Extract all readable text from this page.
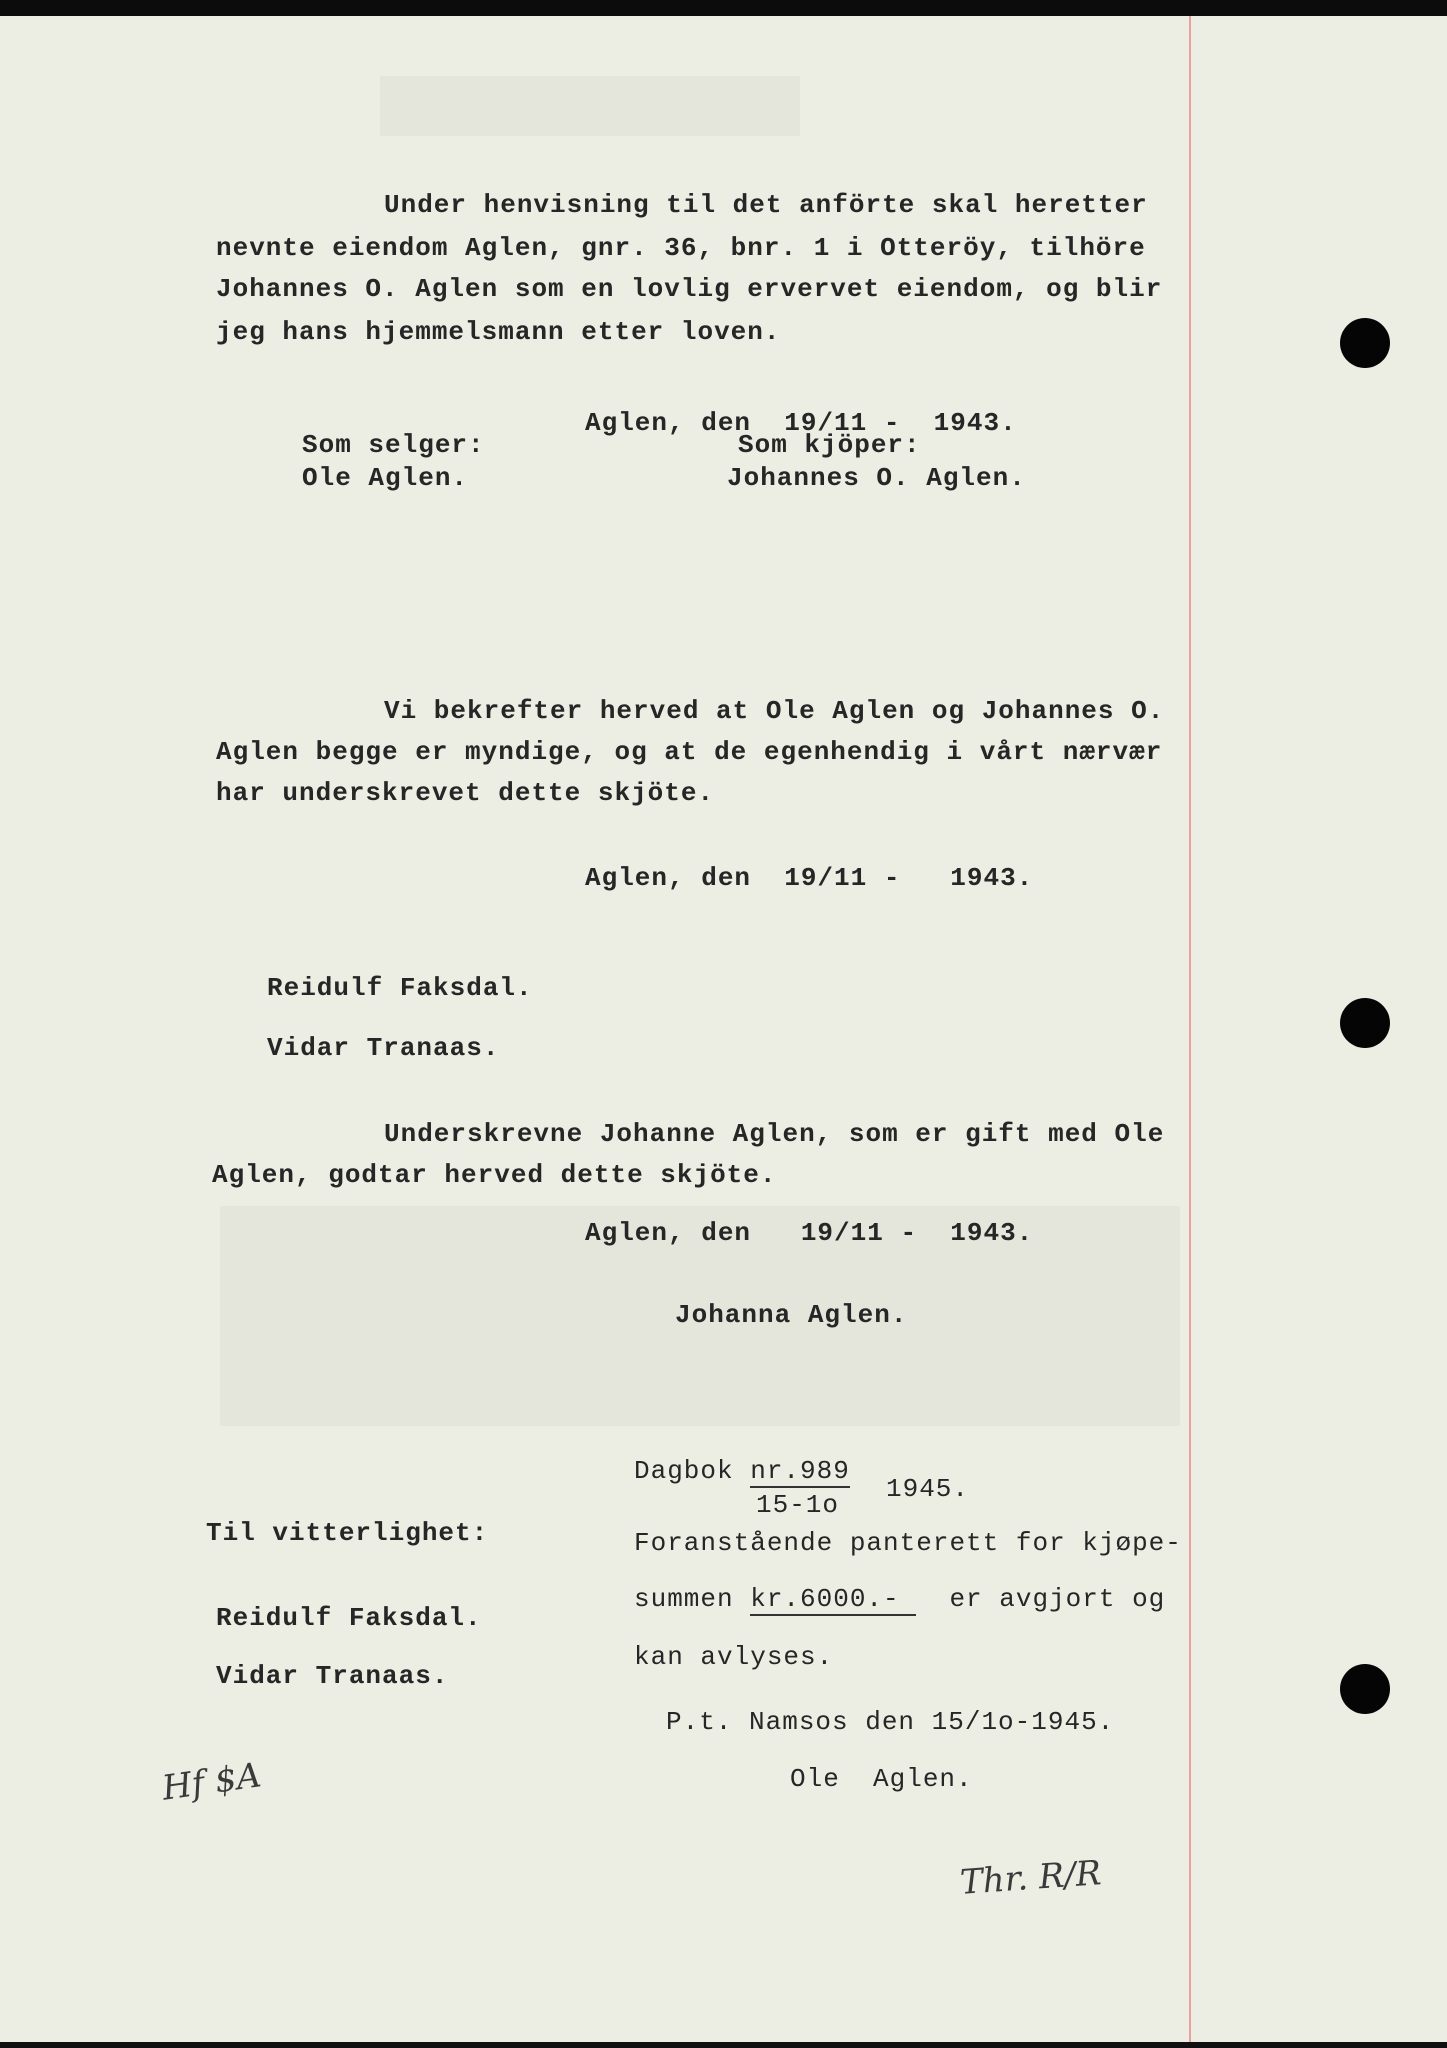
Under henvisning til det anförte skal heretter
nevnte eiendom Aglen, gnr. 36, bnr. 1 i Otteröy, tilhöre
Johannes O. Aglen som en lovlig ervervet eiendom, og blir
jeg hans hjemmelsmann etter loven.
Aglen, den  19/11 -  1943.
Som selger:
Ole Aglen.
Som kjöper:
Johannes O. Aglen.
Vi bekrefter herved at Ole Aglen og Johannes O.
Aglen begge er myndige, og at de egenhendig i vårt nærvær
har underskrevet dette skjöte.
Aglen, den  19/11 -   1943.
Reidulf Faksdal.
Vidar Tranaas.
Underskrevne Johanne Aglen, som er gift med Ole
Aglen, godtar herved dette skjöte.
Aglen, den   19/11 -  1943.
Johanna Aglen.
Til vitterlighet:
Reidulf Faksdal.
Vidar Tranaas.
Dagbok nr.989
15-1o
1945.
Foranstående panterett for kjøpe-
summen kr.6000.-   er avgjort og
kan avlyses.
P.t. Namsos den 15/1o-1945.
Ole  Aglen.
Hf $A
Thr. R/R
